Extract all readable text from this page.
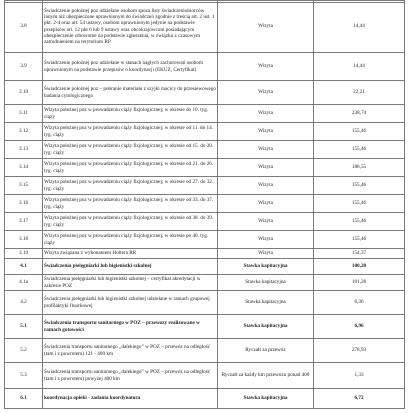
3.8	Świadczenie położnej poz udzielane osobom spoza listy świadczeniobiorców innym niż ubezpieczone uprawnionym do świadczeń zgodnie z treścią art. 2 ust. 1 pkt. 2-4 oraz art. 54 ustawy, osobom uprawnionym jedynie na podstawie przepisów art. 12 pkt 6 lub 9 ustawy oraz obcokrajowcom posiadającym ubezpieczenie zdrowotne na podstawie zgłoszenia, w związku z czasowym zatrudnieniem na terytorium RP	Wizyta	14,44
3.9	Świadczenie położnej poz udzielane w stanach nagłych zachorowań osobom uprawnionym na podstawie przepisów o koordynacji (EKUZ, Certyfikat)	Wizyta	14,44
3.10	Świadczenie położnej poz – pobranie materiału z szyjki macicy do przesiewowego badania cytologicznego	Wizyta	22,21
3.11	Wizyta położnej poz w prowadzeniu ciąży fizjologicznej; w okresie do 10. tyg. ciąży	Wizyta	238,74
3.12	Wizyta położnej poz w prowadzeniu ciąży fizjologicznej; w okresie od 11. do 14. tyg. ciąży	Wizyta	155,46
3.13	Wizyta położnej poz w prowadzeniu ciąży fizjologicznej; w okresie od 15. do 20. tyg. ciąży	Wizyta	155,46
3.14	Wizyta położnej poz w prowadzeniu ciąży fizjologicznej; w okresie od 21. do 26. tyg. ciąży	Wizyta	186,55
3.15	Wizyta położnej poz w prowadzeniu ciąży fizjologicznej; w okresie od 27. do 32. tyg. ciąży	Wizyta	155,46
3.16	Wizyta położnej poz w prowadzeniu ciąży fizjologicznej; w okresie od 33. do 37. tyg. ciąży	Wizyta	155,46
3.17	Wizyta położnej poz w prowadzeniu ciąży fizjologicznej; w okresie od 38. do 39. tyg. ciąży	Wizyta	155,46
3.18	Wizyta położnej poz w prowadzeniu ciąży fizjologicznej; w okresie po 40. tyg. ciąży	Wizyta	155,46
3.19	Wizyta związana z wykonaniem Holtera RR	Wizyta	154,37
4.1	Świadczenia pielęgniarki lub higienistki szkolnej	Stawka kapitacyjna	100,20
4.1a	Świadczenia pielęgniarki lub higienistki szkolnej – certyfikat akredytacji w zakresie POZ	Stawka kapitacyjna	101,28
4.2	Świadczenia pielęgniarki lub higienistki szkolnej udzielane w ramach grupowej profilaktyki fluorkowej	Stawka kapitacyjna	6,36
5.1	Świadczenia transportu sanitarnego w POZ – przewozy realizowane w ramach gotowości	Stawka kapitacyjna	6,96
5.2	Świadczenia transportu sanitarnego „dalekiego” w POZ – przewóz na odległość (tam i z powrotem) 121 - 400 km	Ryczałt za przewóz	278,93
5.3	Świadczenia transportu sanitarnego „dalekiego” w POZ – przewóz na odległość (tam i z powrotem) powyżej 400 km	Ryczałt za każdy km przewozu ponad 400	1,33
6.1	koordynacja opieki - zadania koordynatora	Stawka kapitacyjna	6,72
